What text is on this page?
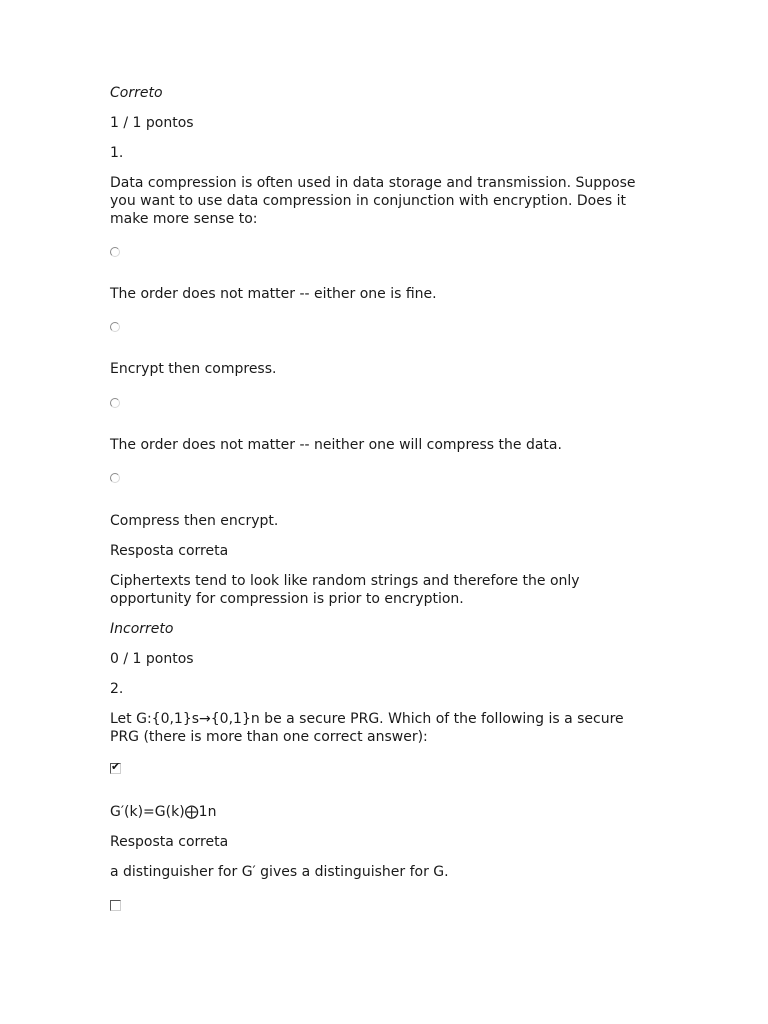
Correto

1 / 1 pontos

1.

Data compression is often used in data storage and transmission. Suppose you want to use data compression in conjunction with encryption. Does it make more sense to:

The order does not matter -- either one is fine.

Encrypt then compress.

The order does not matter -- neither one will compress the data.

Compress then encrypt.

Resposta correta

Ciphertexts tend to look like random strings and therefore the only opportunity for compression is prior to encryption.

Incorreto

0 / 1 pontos

2.

Let G:{0,1}s→{0,1}n be a secure PRG. Which of the following is a secure PRG (there is more than one correct answer):

✔

G′(k)=G(k)⨁1n

Resposta correta

a distinguisher for G′ gives a distinguisher for G.
